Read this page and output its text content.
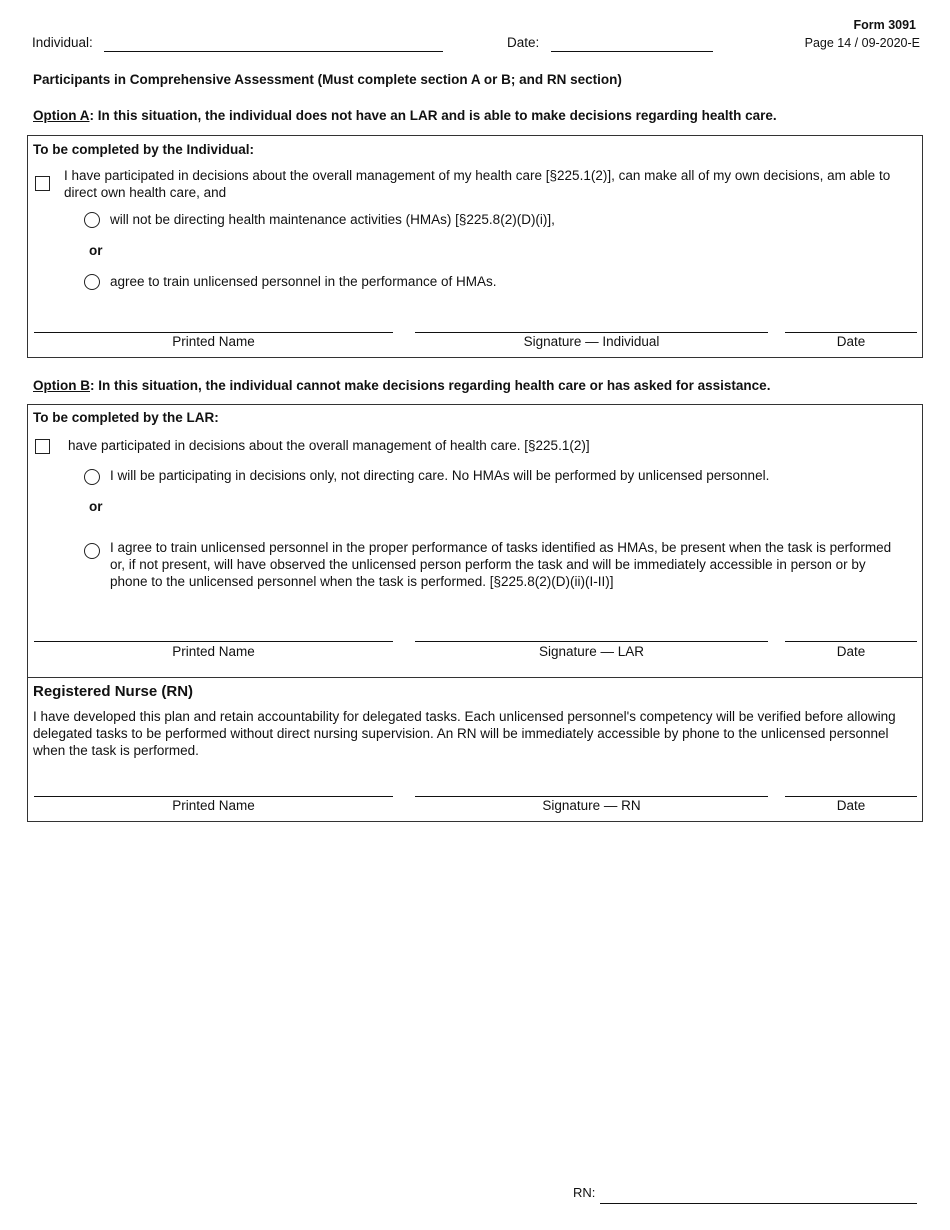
Form 3091
Page 14 / 09-2020-E
Individual:	Date:
Participants in Comprehensive Assessment (Must complete section A or B; and RN section)
Option A: In this situation, the individual does not have an LAR and is able to make decisions regarding health care.
To be completed by the Individual:
I have participated in decisions about the overall management of my health care [§225.1(2)], can make all of my own decisions, am able to direct own health care, and
will not be directing health maintenance activities (HMAs) [§225.8(2)(D)(i)],
or
agree to train unlicensed personnel in the performance of HMAs.
Printed Name	Signature — Individual	Date
Option B: In this situation, the individual cannot make decisions regarding health care or has asked for assistance.
To be completed by the LAR:
have participated in decisions about the overall management of health care. [§225.1(2)]
I will be participating in decisions only, not directing care. No HMAs will be performed by unlicensed personnel.
or
I agree to train unlicensed personnel in the proper performance of tasks identified as HMAs, be present when the task is performed or, if not present, will have observed the unlicensed person perform the task and will be immediately accessible in person or by phone to the unlicensed personnel when the task is performed. [§225.8(2)(D)(ii)(I-II)]
Printed Name	Signature — LAR	Date
Registered Nurse (RN)
I have developed this plan and retain accountability for delegated tasks. Each unlicensed personnel's competency will be verified before allowing delegated tasks to be performed without direct nursing supervision. An RN will be immediately accessible by phone to the unlicensed personnel when the task is performed.
Printed Name	Signature — RN	Date
RN:
